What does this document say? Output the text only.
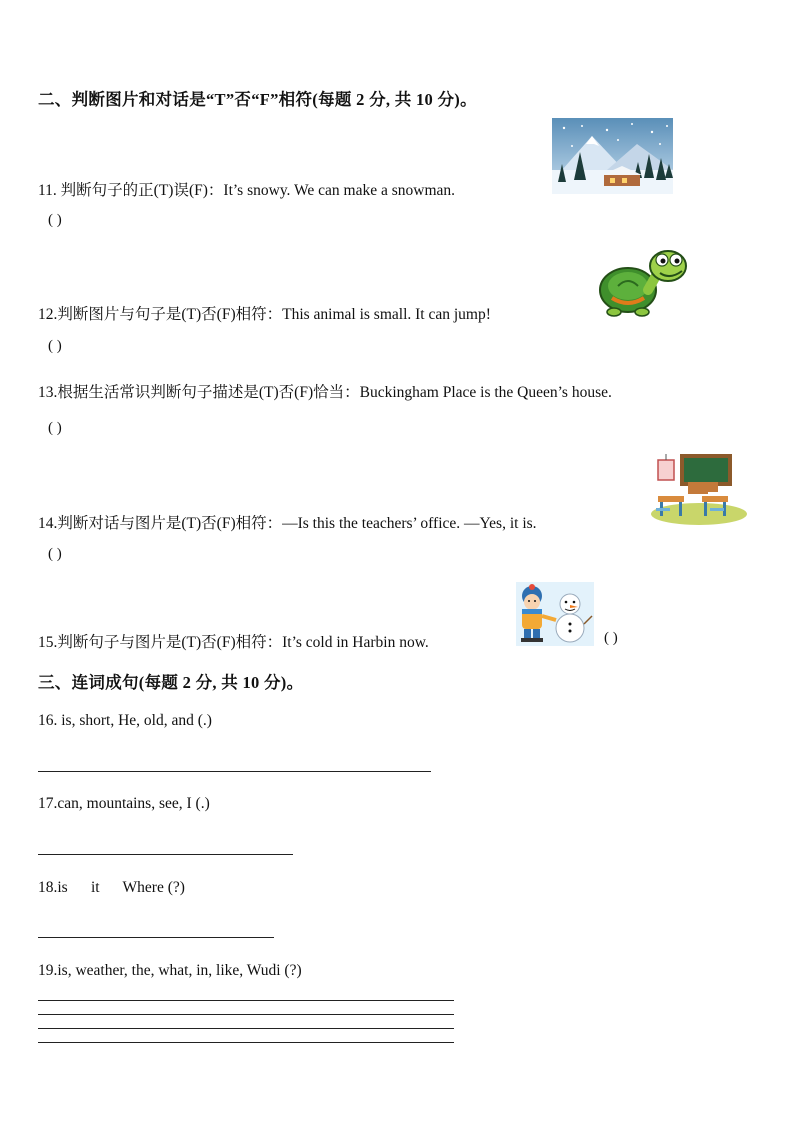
二、判断图片和对话是“T”否“F”相符(每题 2 分, 共 10 分)。
11. 判断句子的正(T)误(F)：It’s snowy. We can make a snowman.
( )
12.判断图片与句子是(T)否(F)相符：This animal is small. It can jump!
( )
13.根据生活常识判断句子描述是(T)否(F)恰当：Buckingham Place is the Queen’s house.
( )
14.判断对话与图片是(T)否(F)相符：—Is this the teachers’ office. —Yes, it is.
( )
15.判断句子与图片是(T)否(F)相符：It’s cold in Harbin now.	( )
三、连词成句(每题 2 分, 共 10 分)。
16. is, short, He, old, and (.)
17.can, mountains, see, I (.)
18.is      it      Where (?)
19.is, weather, the, what, in, like, Wudi (?)
